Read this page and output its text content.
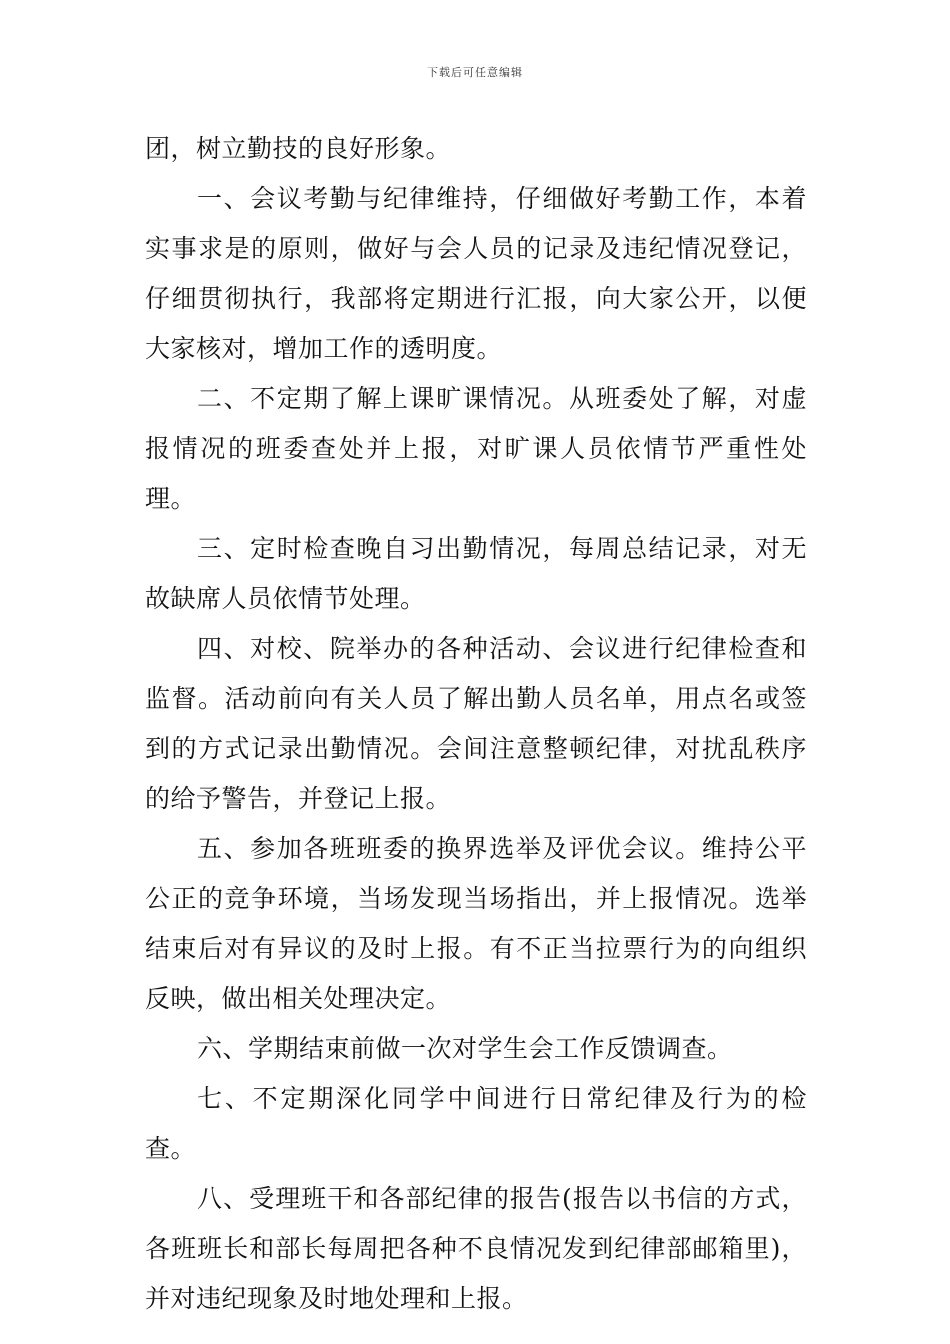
下载后可任意编辑

团，树立勤技的良好形象。

一、会议考勤与纪律维持，仔细做好考勤工作，本着实事求是的原则，做好与会人员的记录及违纪情况登记，仔细贯彻执行，我部将定期进行汇报，向大家公开，以便大家核对，增加工作的透明度。

二、不定期了解上课旷课情况。从班委处了解，对虚报情况的班委查处并上报，对旷课人员依情节严重性处理。

三、定时检查晚自习出勤情况，每周总结记录，对无故缺席人员依情节处理。

四、对校、院举办的各种活动、会议进行纪律检查和监督。活动前向有关人员了解出勤人员名单，用点名或签到的方式记录出勤情况。会间注意整顿纪律，对扰乱秩序的给予警告，并登记上报。

五、参加各班班委的换界选举及评优会议。维持公平公正的竞争环境，当场发现当场指出，并上报情况。选举结束后对有异议的及时上报。有不正当拉票行为的向组织反映，做出相关处理决定。

六、学期结束前做一次对学生会工作反馈调查。

七、不定期深化同学中间进行日常纪律及行为的检查。

八、受理班干和各部纪律的报告(报告以书信的方式，各班班长和部长每周把各种不良情况发到纪律部邮箱里)，并对违纪现象及时地处理和上报。
